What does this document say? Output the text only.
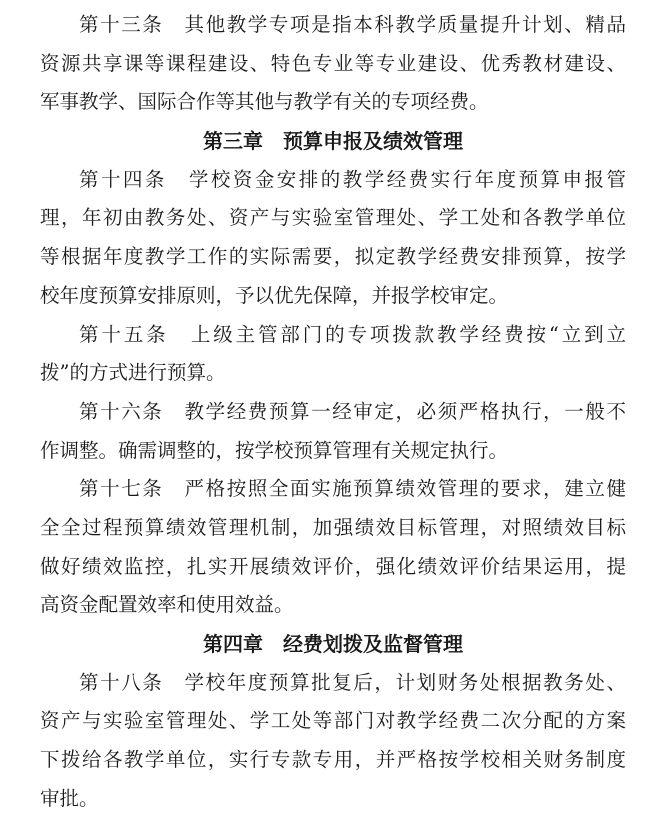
第十三条　其他教学专项是指本科教学质量提升计划、精品
资源共享课等课程建设、特色专业等专业建设、优秀教材建设、
军事教学、国际合作等其他与教学有关的专项经费。
第三章　预算申报及绩效管理
第十四条　学校资金安排的教学经费实行年度预算申报管
理，年初由教务处、资产与实验室管理处、学工处和各教学单位
等根据年度教学工作的实际需要，拟定教学经费安排预算，按学
校年度预算安排原则，予以优先保障，并报学校审定。
第十五条　上级主管部门的专项拨款教学经费按“立到立
拨”的方式进行预算。
第十六条　教学经费预算一经审定，必须严格执行，一般不
作调整。确需调整的，按学校预算管理有关规定执行。
第十七条　严格按照全面实施预算绩效管理的要求，建立健
全全过程预算绩效管理机制，加强绩效目标管理，对照绩效目标
做好绩效监控，扎实开展绩效评价，强化绩效评价结果运用，提
高资金配置效率和使用效益。
第四章　经费划拨及监督管理
第十八条　学校年度预算批复后，计划财务处根据教务处、
资产与实验室管理处、学工处等部门对教学经费二次分配的方案
下拨给各教学单位，实行专款专用，并严格按学校相关财务制度
审批。
